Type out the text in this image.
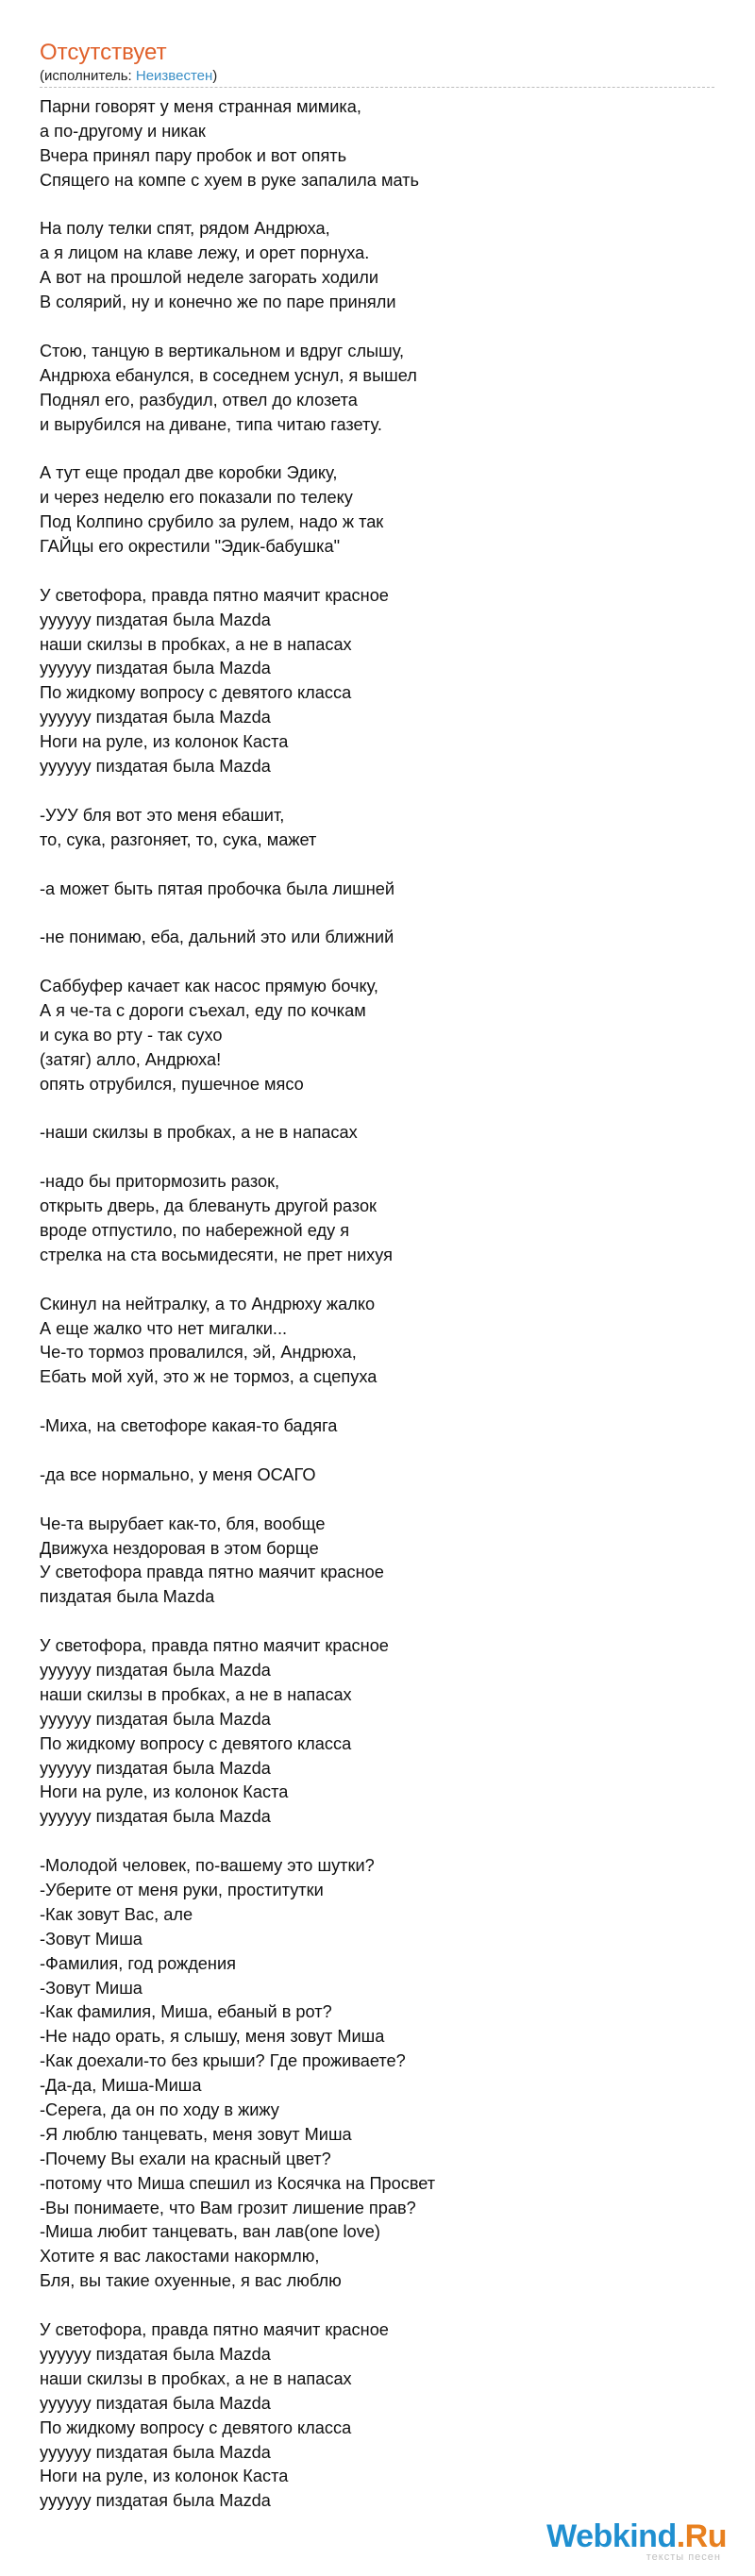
Отсутствует
(исполнитель: Неизвестен)
Парни говорят у меня странная мимика,
а по-другому и никак
Вчера принял пару пробок и вот опять
Спящего на компе с хуем в руке запалила мать
На полу телки спят, рядом Андрюха,
а я лицом на клаве лежу, и орет порнуха.
А вот на прошлой неделе загорать ходили
В солярий, ну и конечно же по паре приняли
Стою, танцую в вертикальном и вдруг слышу,
Андрюха ебанулся, в соседнем уснул, я вышел
Поднял его, разбудил, отвел до клозета
и вырубился на диване, типа читаю газету.
А тут еще продал две коробки Эдику,
и через неделю его показали по телеку
Под Колпино срубило за рулем, надо ж так
ГАЙцы его окрестили "Эдик-бабушка"
У светофора, правда пятно маячит красное
уууууу пиздатая была Mazda
наши скилзы в пробках, а не в напасах
уууууу пиздатая была Mazda
По жидкому вопросу с девятого класса
уууууу пиздатая была Mazda
Ноги на руле, из колонок Каста
уууууу пиздатая была Mazda
-УУУ бля вот это меня ебашит,
то, сука, разгоняет, то, сука, мажет
-а может быть пятая пробочка была лишней
-не понимаю, еба, дальний это или ближний
Саббуфер качает как насос прямую бочку,
А я че-та с дороги съехал, еду по кочкам
и сука во рту - так сухо
(затяг) алло, Андрюха!
опять отрубился, пушечное мясо
-наши скилзы в пробках, а не в напасах
-надо бы притормозить разок,
открыть дверь, да блевануть другой разок
вроде отпустило, по набережной еду я
стрелка на ста восьмидесяти, не прет нихуя
Скинул на нейтралку, а то Андрюху жалко
А еще жалко что нет мигалки...
Че-то тормоз провалился, эй, Андрюха,
Ебать мой хуй, это ж не тормоз, а сцепуха
-Миха, на светофоре какая-то бадяга
-да все нормально, у меня ОСАГО
Че-та вырубает как-то, бля, вообще
Движуха нездоровая в этом борще
У светофора правда пятно маячит красное
пиздатая была Mazda
У светофора, правда пятно маячит красное
уууууу пиздатая была Mazda
наши скилзы в пробках, а не в напасах
уууууу пиздатая была Mazda
По жидкому вопросу с девятого класса
уууууу пиздатая была Mazda
Ноги на руле, из колонок Каста
уууууу пиздатая была Mazda
-Молодой человек, по-вашему это шутки?
-Уберите от меня руки, проститутки
-Как зовут Вас, але
-Зовут Миша
-Фамилия, год рождения
-Зовут Миша
-Как фамилия, Миша, ебаный в рот?
-Не надо орать, я слышу, меня зовут Миша
-Как доехали-то без крыши? Где проживаете?
-Да-да, Миша-Миша
-Серега, да он по ходу в жижу
-Я люблю танцевать, меня зовут Миша
-Почему Вы ехали на красный цвет?
-потому что Миша спешил из Косячка на Просвет
-Вы понимаете, что Вам грозит лишение прав?
-Миша любит танцевать, ван лав(one love)
Хотите я вас лакостами накормлю,
Бля, вы такие охуенные, я вас люблю
У светофора, правда пятно маячит красное
уууууу пиздатая была Mazda
наши скилзы в пробках, а не в напасах
уууууу пиздатая была Mazda
По жидкому вопросу с девятого класса
уууууу пиздатая была Mazda
Ноги на руле, из колонок Каста
уууууу пиздатая была Mazda
Webkind.Ru
тексты песен
